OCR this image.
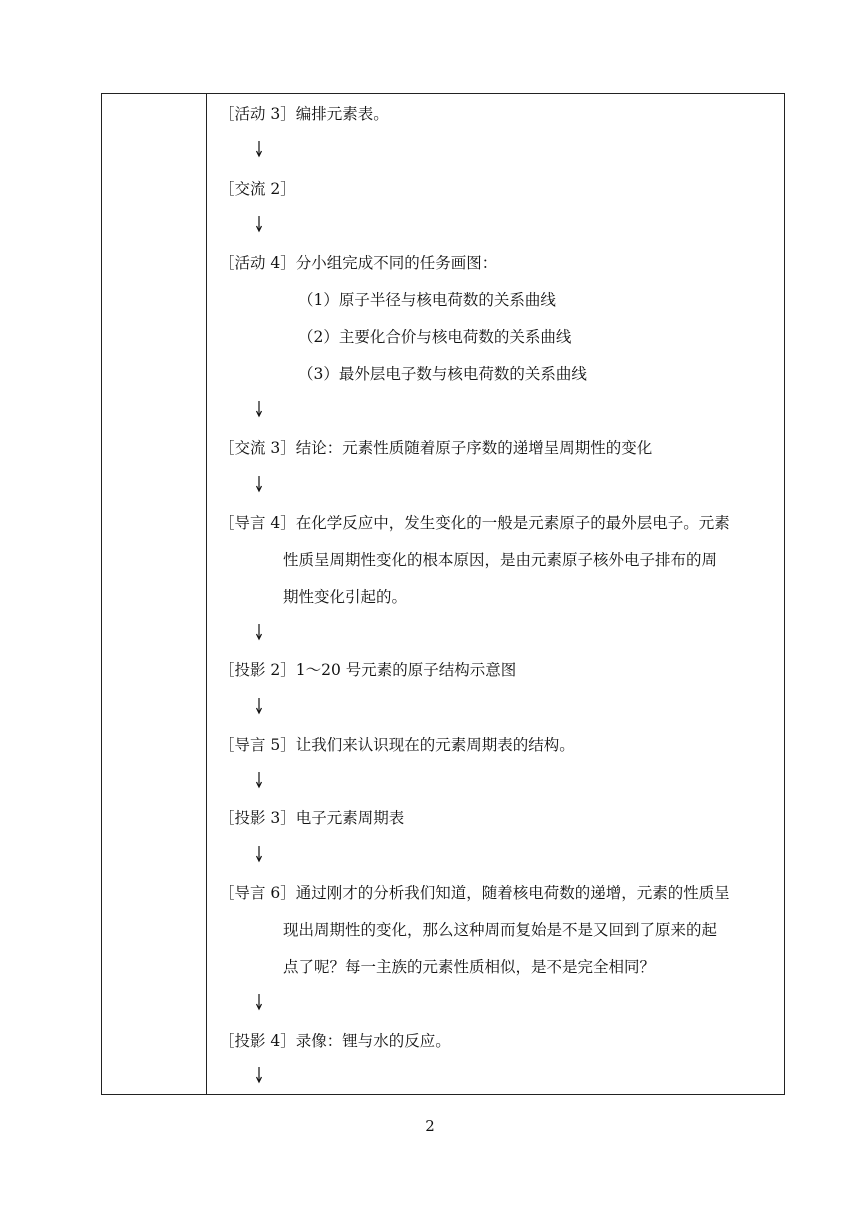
［活动 3］编排元素表。
［交流 2］
［活动 4］分小组完成不同的任务画图：
（1）原子半径与核电荷数的关系曲线
（2）主要化合价与核电荷数的关系曲线
（3）最外层电子数与核电荷数的关系曲线
［交流 3］结论：元素性质随着原子序数的递增呈周期性的变化
［导言 4］在化学反应中，发生变化的一般是元素原子的最外层电子。元素
性质呈周期性变化的根本原因，是由元素原子核外电子排布的周
期性变化引起的。
［投影 2］1～20 号元素的原子结构示意图
［导言 5］让我们来认识现在的元素周期表的结构。
［投影 3］电子元素周期表
［导言 6］通过刚才的分析我们知道，随着核电荷数的递增，元素的性质呈
现出周期性的变化，那么这种周而复始是不是又回到了原来的起
点了呢？每一主族的元素性质相似，是不是完全相同？
［投影 4］录像：锂与水的反应。
2
